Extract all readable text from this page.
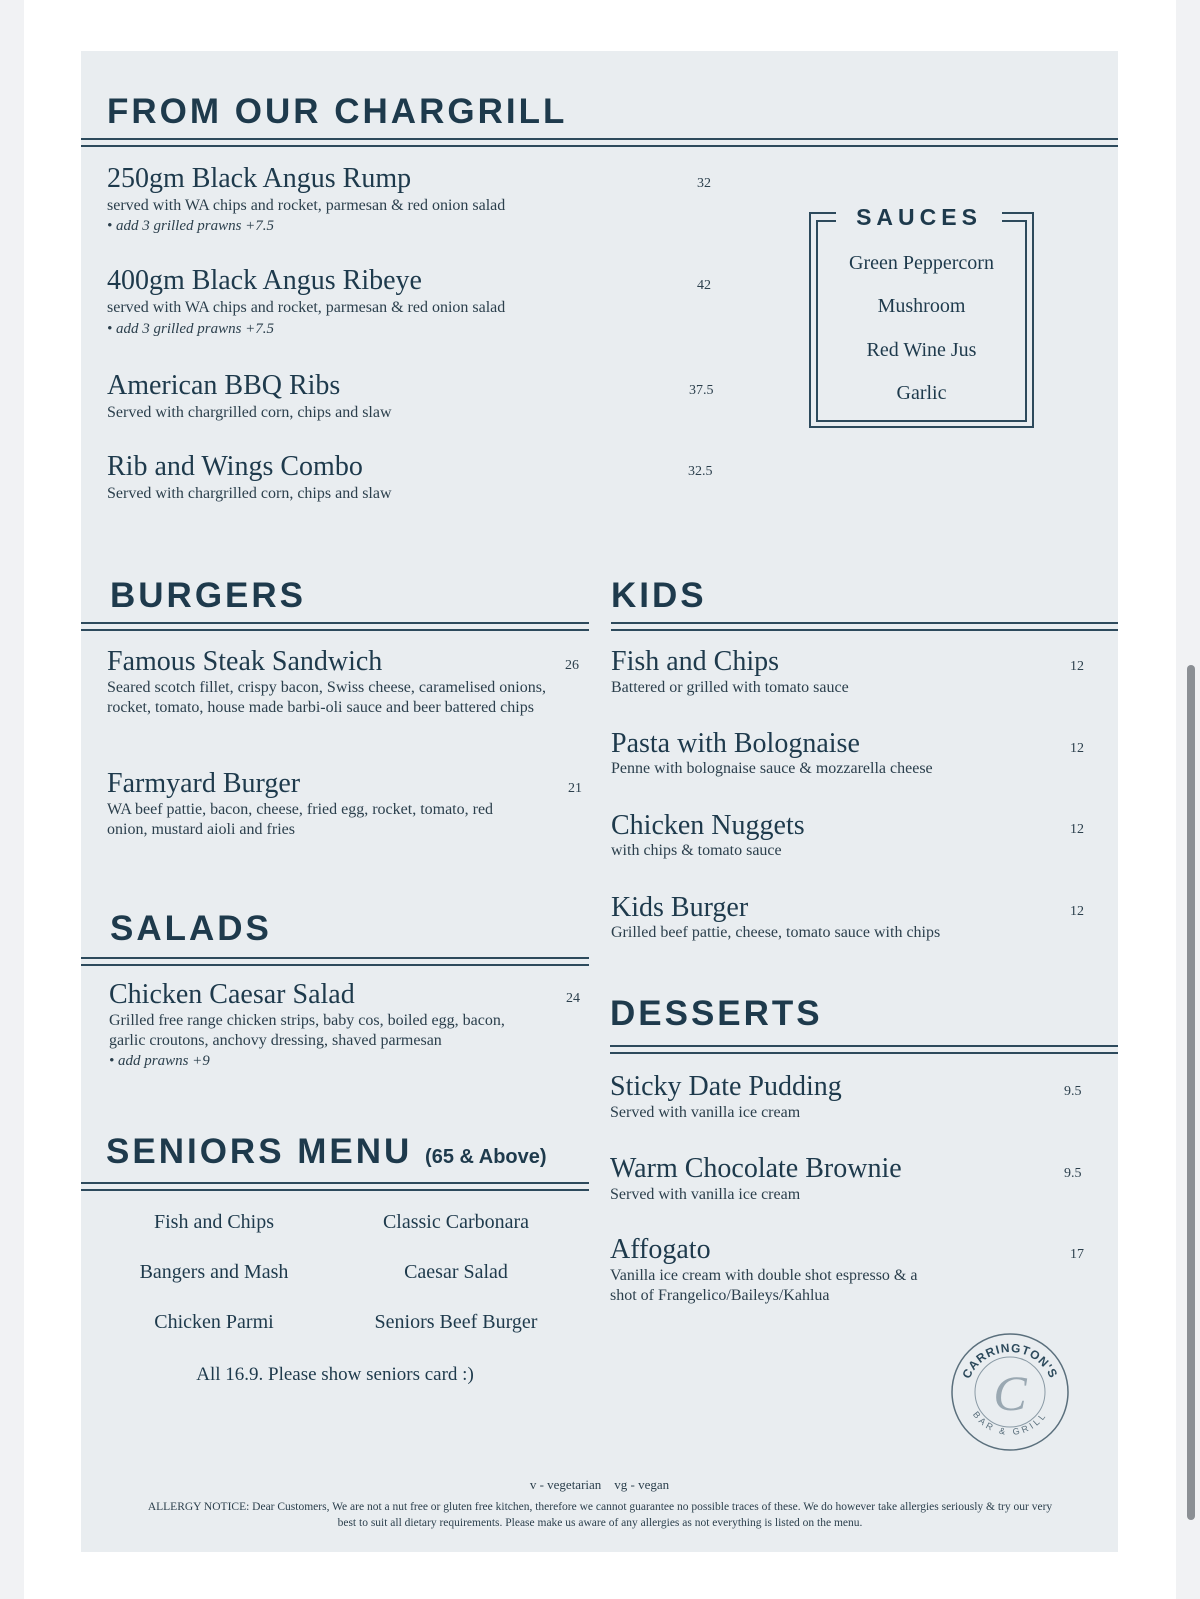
FROM OUR CHARGRILL
250gm Black Angus Rump	32
served with WA chips and rocket, parmesan & red onion salad
• add 3 grilled prawns +7.5
400gm Black Angus Ribeye	42
served with WA chips and rocket, parmesan & red onion salad
• add 3 grilled prawns +7.5
American BBQ Ribs	37.5
Served with chargrilled corn, chips and slaw
Rib and Wings Combo	32.5
Served with chargrilled corn, chips and slaw
SAUCES
Green Peppercorn
Mushroom
Red Wine Jus
Garlic
BURGERS
Famous Steak Sandwich	26
Seared scotch fillet, crispy bacon, Swiss cheese, caramelised onions, rocket, tomato, house made barbi-oli sauce and beer battered chips
Farmyard Burger	21
WA beef pattie, bacon, cheese, fried egg, rocket, tomato, red onion, mustard aioli and fries
SALADS
Chicken Caesar Salad	24
Grilled free range chicken strips, baby cos, boiled egg, bacon, garlic croutons, anchovy dressing, shaved parmesan
• add prawns +9
SENIORS MENU (65 & Above)
Fish and Chips	Classic Carbonara
Bangers and Mash	Caesar Salad
Chicken Parmi	Seniors Beef Burger
All 16.9. Please show seniors card :)
KIDS
Fish and Chips	12
Battered or grilled with tomato sauce
Pasta with Bolognaise	12
Penne with bolognaise sauce & mozzarella cheese
Chicken Nuggets	12
with chips & tomato sauce
Kids Burger	12
Grilled beef pattie, cheese, tomato sauce with chips
DESSERTS
Sticky Date Pudding	9.5
Served with vanilla ice cream
Warm Chocolate Brownie	9.5
Served with vanilla ice cream
Affogato	17
Vanilla ice cream with double shot espresso & a shot of Frangelico/Baileys/Kahlua
CARRINGTON'S
BAR & GRILL
C
v - vegetarian    vg - vegan
ALLERGY NOTICE: Dear Customers, We are not a nut free or gluten free kitchen, therefore we cannot guarantee no possible traces of these. We do however take allergies seriously & try our very best to suit all dietary requirements. Please make us aware of any allergies as not everything is listed on the menu.
